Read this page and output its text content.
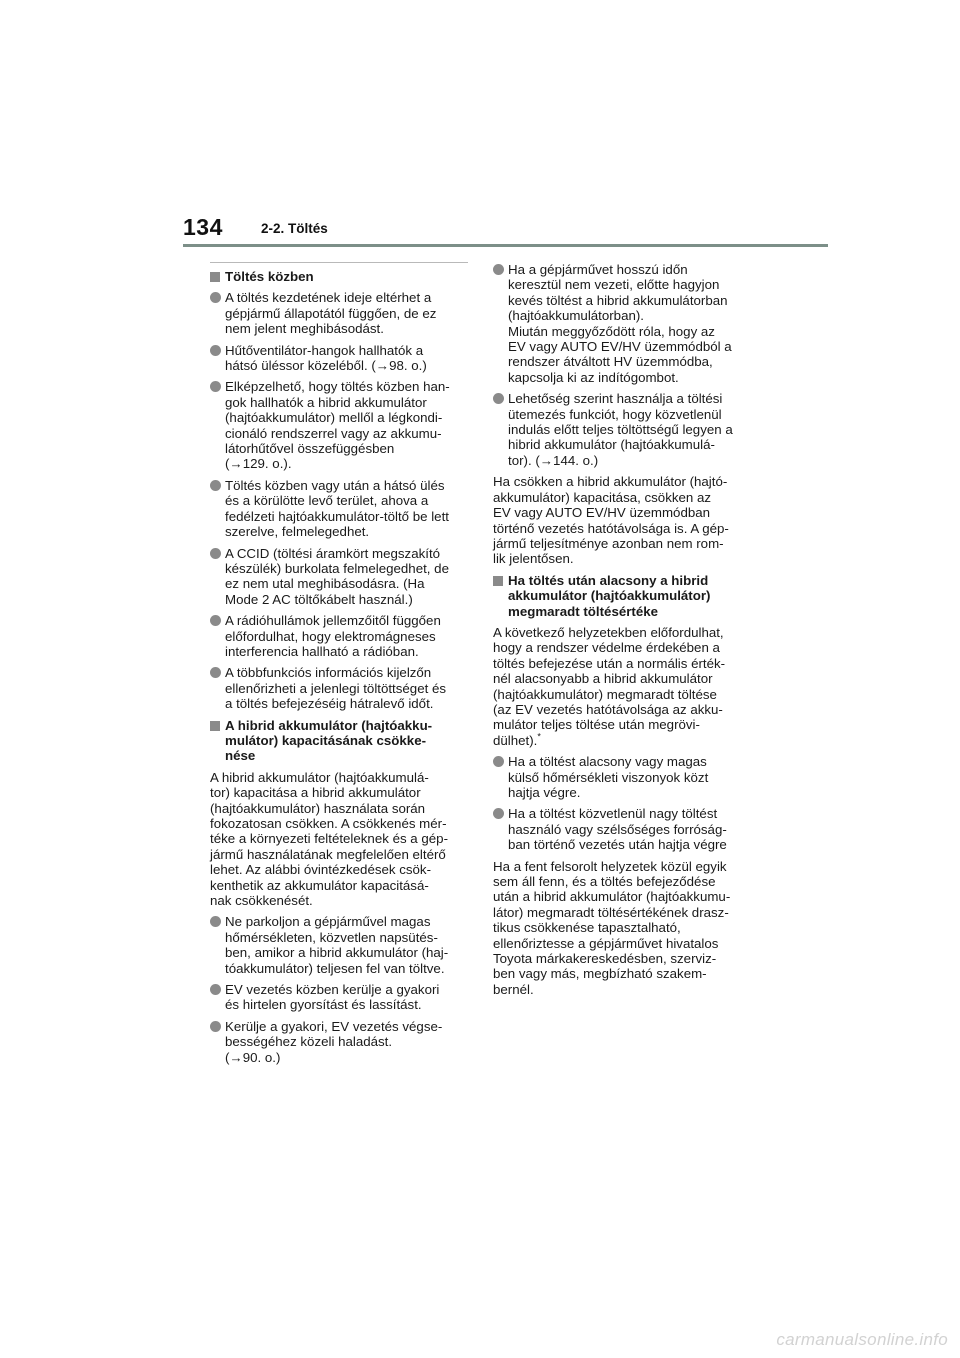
134	2-2. Töltés
Töltés közben
A töltés kezdetének ideje eltérhet a
gépjármű állapotától függően, de ez
nem jelent meghibásodást.
Hűtőventilátor-hangok hallhatók a
hátsó üléssor közeléből. (→98. o.)
Elképzelhető, hogy töltés közben han-
gok hallhatók a hibrid akkumulátor
(hajtóakkumulátor) mellől a légkondi-
cionáló rendszerrel vagy az akkumu-
látorhűtővel összefüggésben
(→129. o.).
Töltés közben vagy után a hátsó ülés
és a körülötte levő terület, ahova a
fedélzeti hajtóakkumulátor-töltő be lett
szerelve, felmelegedhet.
A CCID (töltési áramkört megszakító
készülék) burkolata felmelegedhet, de
ez nem utal meghibásodásra. (Ha
Mode 2 AC töltőkábelt használ.)
A rádióhullámok jellemzőitől függően
előfordulhat, hogy elektromágneses
interferencia hallható a rádióban.
A többfunkciós információs kijelzőn
ellenőrizheti a jelenlegi töltöttséget és
a töltés befejezéséig hátralevő időt.
A hibrid akkumulátor (hajtóakku-
mulátor) kapacitásának csökke-
nése
A hibrid akkumulátor (hajtóakkumulá-
tor) kapacitása a hibrid akkumulátor
(hajtóakkumulátor) használata során
fokozatosan csökken. A csökkenés mér-
téke a környezeti feltételeknek és a gép-
jármű használatának megfelelően eltérő
lehet. Az alábbi óvintézkedések csök-
kenthetik az akkumulátor kapacitásá-
nak csökkenését.
Ne parkoljon a gépjárművel magas
hőmérsékleten, közvetlen napsütés-
ben, amikor a hibrid akkumulátor (haj-
tóakkumulátor) teljesen fel van töltve.
EV vezetés közben kerülje a gyakori
és hirtelen gyorsítást és lassítást.
Kerülje a gyakori, EV vezetés végse-
bességéhez közeli haladást.
(→90. o.)
Ha a gépjárművet hosszú időn
keresztül nem vezeti, előtte hagyjon
kevés töltést a hibrid akkumulátorban
(hajtóakkumulátorban).
Miután meggyőződött róla, hogy az
EV vagy AUTO EV/HV üzemmódból a
rendszer átváltott HV üzemmódba,
kapcsolja ki az indítógombot.
Lehetőség szerint használja a töltési
ütemezés funkciót, hogy közvetlenül
indulás előtt teljes töltöttségű legyen a
hibrid akkumulátor (hajtóakkumulá-
tor). (→144. o.)
Ha csökken a hibrid akkumulátor (hajtó-
akkumulátor) kapacitása, csökken az
EV vagy AUTO EV/HV üzemmódban
történő vezetés hatótávolsága is. A gép-
jármű teljesítménye azonban nem rom-
lik jelentősen.
Ha töltés után alacsony a hibrid
akkumulátor (hajtóakkumulátor)
megmaradt töltésértéke
A következő helyzetekben előfordulhat,
hogy a rendszer védelme érdekében a
töltés befejezése után a normális érték-
nél alacsonyabb a hibrid akkumulátor
(hajtóakkumulátor) megmaradt töltése
(az EV vezetés hatótávolsága az akku-
mulátor teljes töltése után megrövi-
dülhet).*
Ha a töltést alacsony vagy magas
külső hőmérsékleti viszonyok közt
hajtja végre.
Ha a töltést közvetlenül nagy töltést
használó vagy szélsőséges forróság-
ban történő vezetés után hajtja végre
Ha a fent felsorolt helyzetek közül egyik
sem áll fenn, és a töltés befejeződése
után a hibrid akkumulátor (hajtóakkumu-
látor) megmaradt töltésértékének drasz-
tikus csökkenése tapasztalható,
ellenőriztesse a gépjárművet hivatalos
Toyota márkakereskedésben, szerviz-
ben vagy más, megbízható szakem-
bernél.
carmanualsonline.info
